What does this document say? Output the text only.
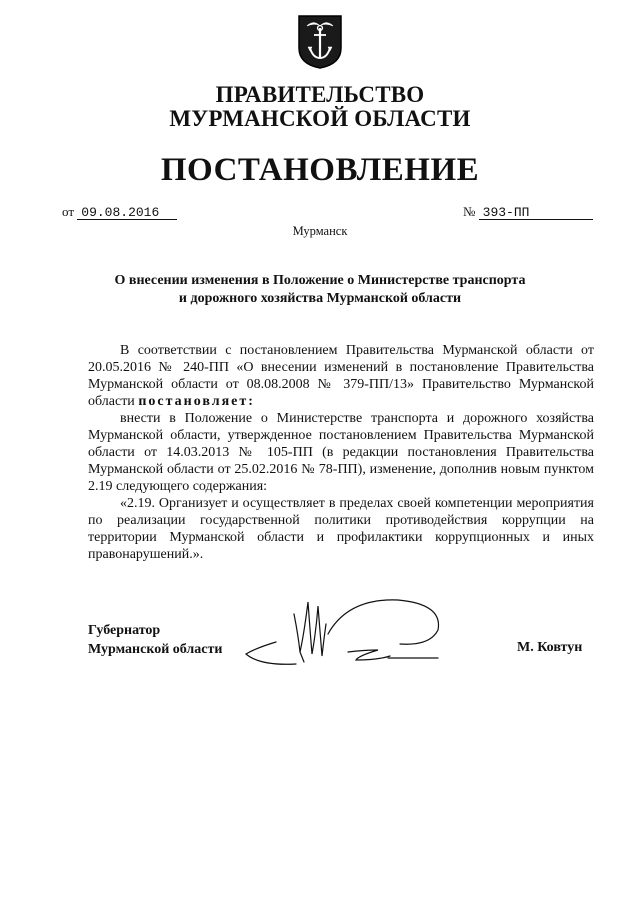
ПРАВИТЕЛЬСТВО
МУРМАНСКОЙ ОБЛАСТИ
ПОСТАНОВЛЕНИЕ
от 09.08.2016	№ 393-ПП
Мурманск
О внесении изменения в Положение о Министерстве транспорта
и дорожного хозяйства Мурманской области

В соответствии с постановлением Правительства Мурманской области от 20.05.2016 № 240-ПП «О внесении изменений в постановление Правительства Мурманской области от 08.08.2008 № 379-ПП/13» Правительство Мурманской области постановляет:

внести в Положение о Министерстве транспорта и дорожного хозяйства Мурманской области, утвержденное постановлением Правительства Мурманской области от 14.03.2013 № 105-ПП (в редакции постановления Правительства Мурманской области от 25.02.2016 № 78-ПП), изменение, дополнив новым пунктом 2.19 следующего содержания:

«2.19. Организует и осуществляет в пределах своей компетенции мероприятия по реализации государственной политики противодействия коррупции на территории Мурманской области и профилактики коррупционных и иных правонарушений.».

Губернатор
Мурманской области	М. Ковтун
